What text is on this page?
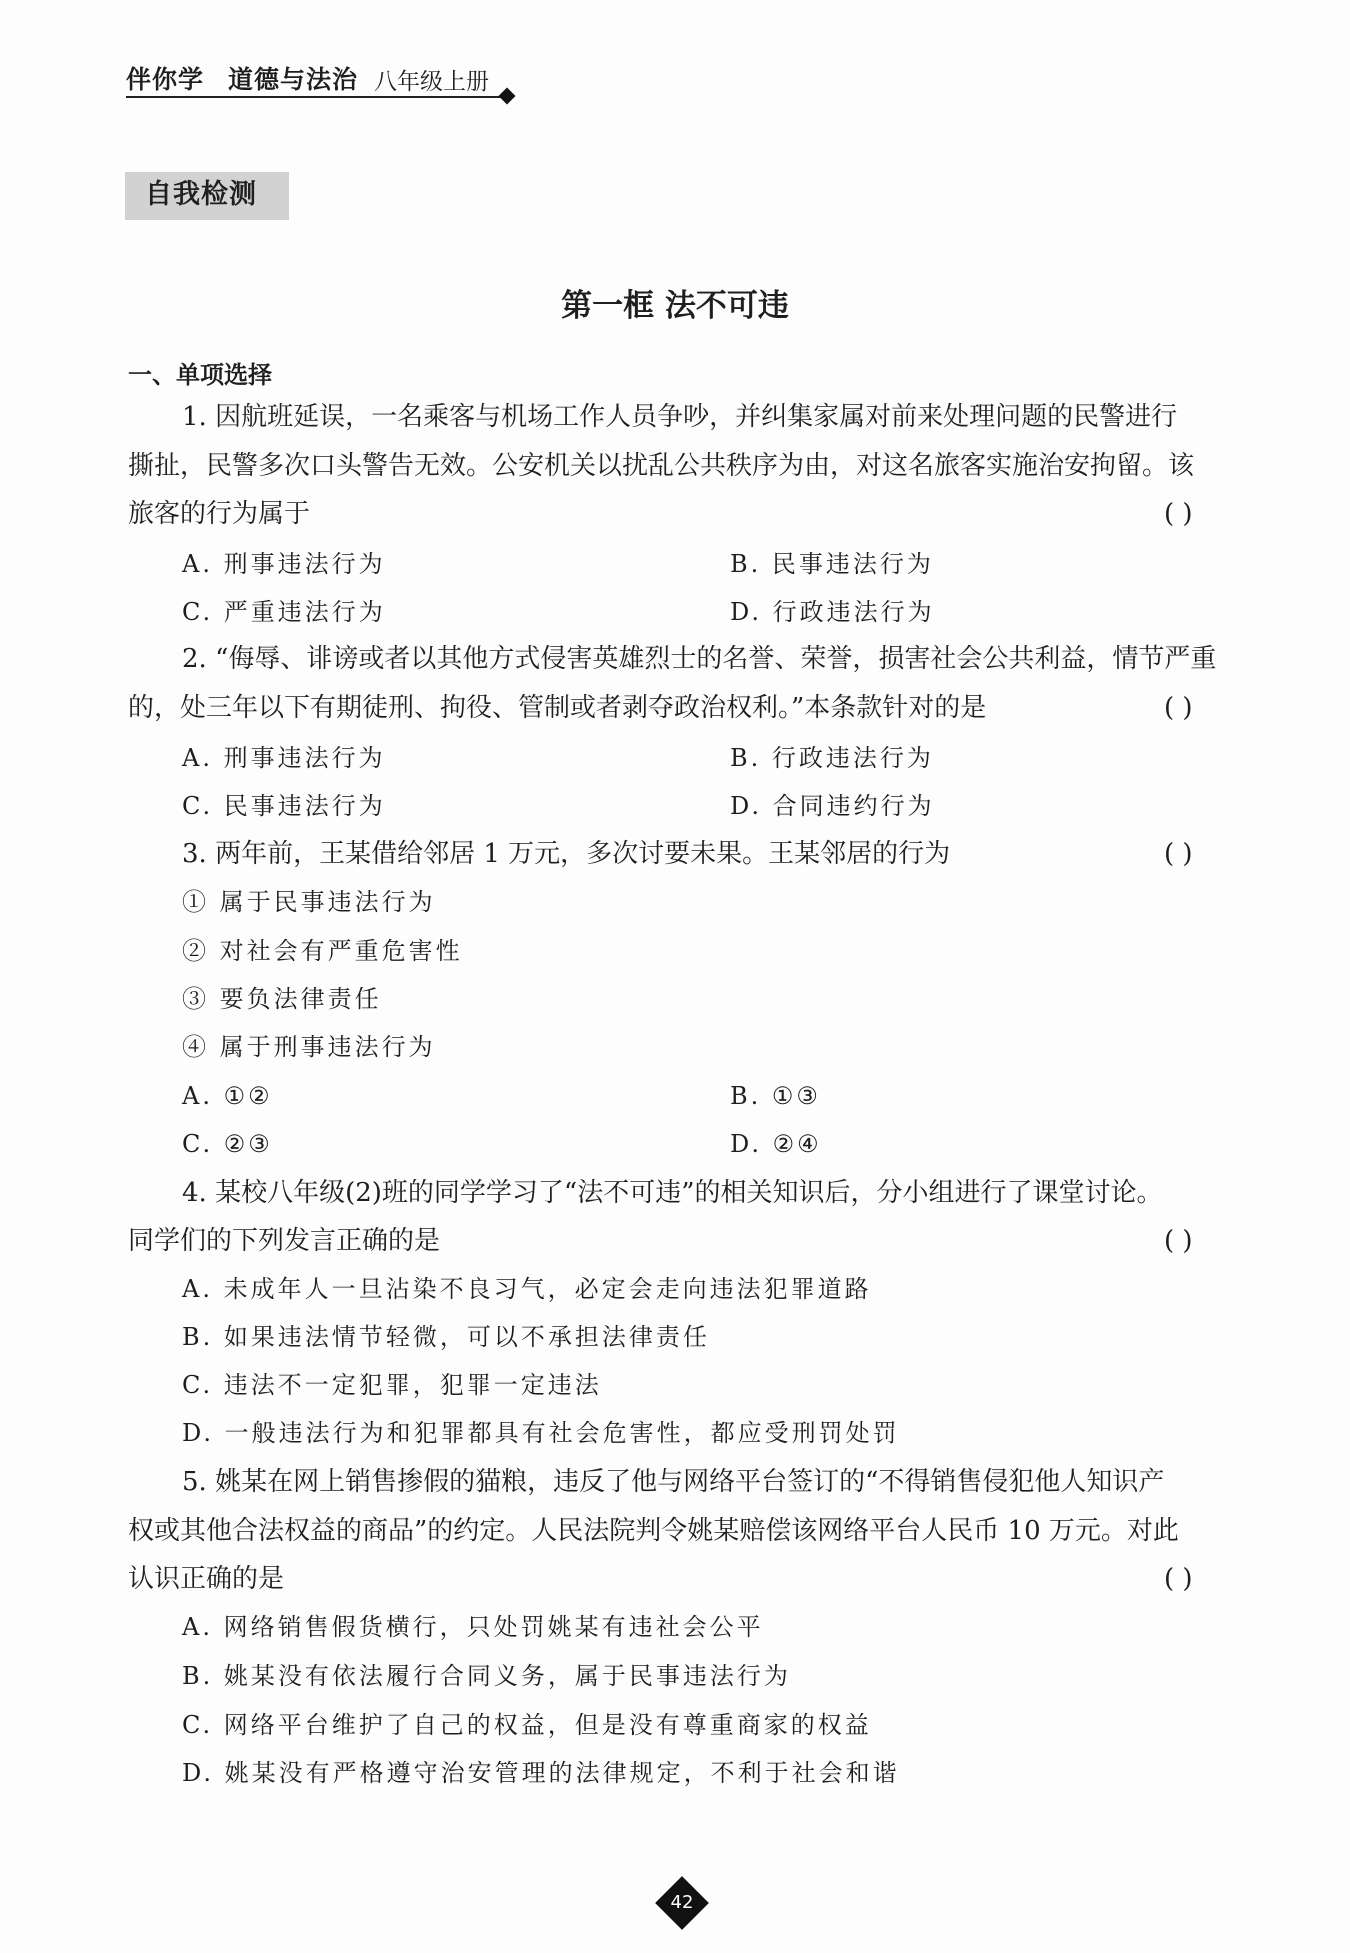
伴你学 道德与法治 八年级上册
自我检测
第一框 法不可违
一、单项选择
1. 因航班延误，一名乘客与机场工作人员争吵，并纠集家属对前来处理问题的民警进行
撕扯，民警多次口头警告无效。公安机关以扰乱公共秩序为由，对这名旅客实施治安拘留。该
旅客的行为属于	( )
A. 刑事违法行为	B. 民事违法行为
C. 严重违法行为	D. 行政违法行为
2. “侮辱、诽谤或者以其他方式侵害英雄烈士的名誉、荣誉，损害社会公共利益，情节严重
的，处三年以下有期徒刑、拘役、管制或者剥夺政治权利。”本条款针对的是	( )
A. 刑事违法行为	B. 行政违法行为
C. 民事违法行为	D. 合同违约行为
3. 两年前，王某借给邻居 1 万元，多次讨要未果。王某邻居的行为	( )
① 属于民事违法行为
② 对社会有严重危害性
③ 要负法律责任
④ 属于刑事违法行为
A. ①②	B. ①③
C. ②③	D. ②④
4. 某校八年级(2)班的同学学习了“法不可违”的相关知识后，分小组进行了课堂讨论。
同学们的下列发言正确的是	( )
A. 未成年人一旦沾染不良习气，必定会走向违法犯罪道路
B. 如果违法情节轻微，可以不承担法律责任
C. 违法不一定犯罪，犯罪一定违法
D. 一般违法行为和犯罪都具有社会危害性，都应受刑罚处罚
5. 姚某在网上销售掺假的猫粮，违反了他与网络平台签订的“不得销售侵犯他人知识产
权或其他合法权益的商品”的约定。人民法院判令姚某赔偿该网络平台人民币 10 万元。对此
认识正确的是	( )
A. 网络销售假货横行，只处罚姚某有违社会公平
B. 姚某没有依法履行合同义务，属于民事违法行为
C. 网络平台维护了自己的权益，但是没有尊重商家的权益
D. 姚某没有严格遵守治安管理的法律规定，不利于社会和谐
42
